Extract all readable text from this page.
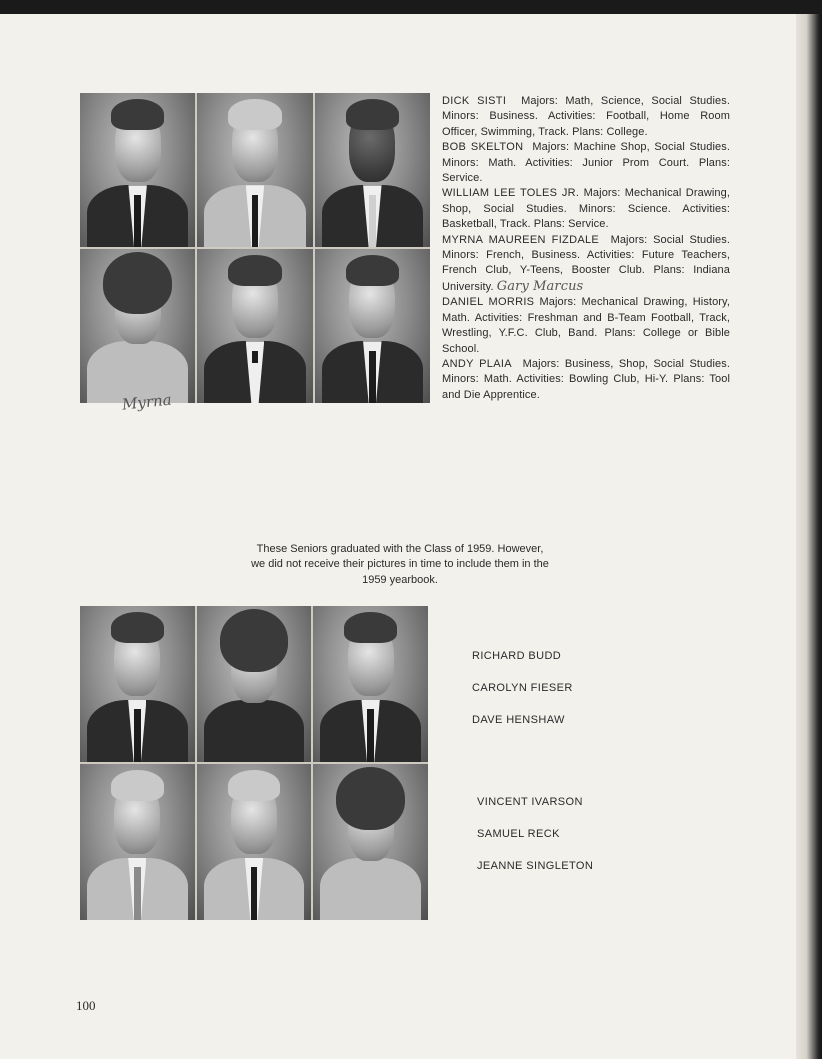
Myrna

DICK SISTI Majors: Math, Science, Social Studies. Minors: Business. Activities: Football, Home Room Officer, Swimming, Track. Plans: College.

BOB SKELTON Majors: Machine Shop, Social Studies. Minors: Math. Activities: Junior Prom Court. Plans: Service.

WILLIAM LEE TOLES JR. Majors: Mechanical Drawing, Shop, Social Studies. Minors: Science. Activities: Basketball, Track. Plans: Service.

MYRNA MAUREEN FIZDALE Majors: Social Studies. Minors: French, Business. Activities: Future Teachers, French Club, Y-Teens, Booster Club. Plans: Indiana University. Gary Marcus

DANIEL MORRIS Majors: Mechanical Drawing, History, Math. Activities: Freshman and B-Team Football, Track, Wrestling, Y.F.C. Club, Band. Plans: College or Bible School.

ANDY PLAIA Majors: Business, Shop, Social Studies. Minors: Math. Activities: Bowling Club, Hi-Y. Plans: Tool and Die Apprentice.

These Seniors graduated with the Class of 1959. However, we did not receive their pictures in time to include them in the 1959 yearbook.
RICHARD BUDD
CAROLYN FIESER
DAVE HENSHAW
VINCENT IVARSON
SAMUEL RECK
JEANNE SINGLETON
100
